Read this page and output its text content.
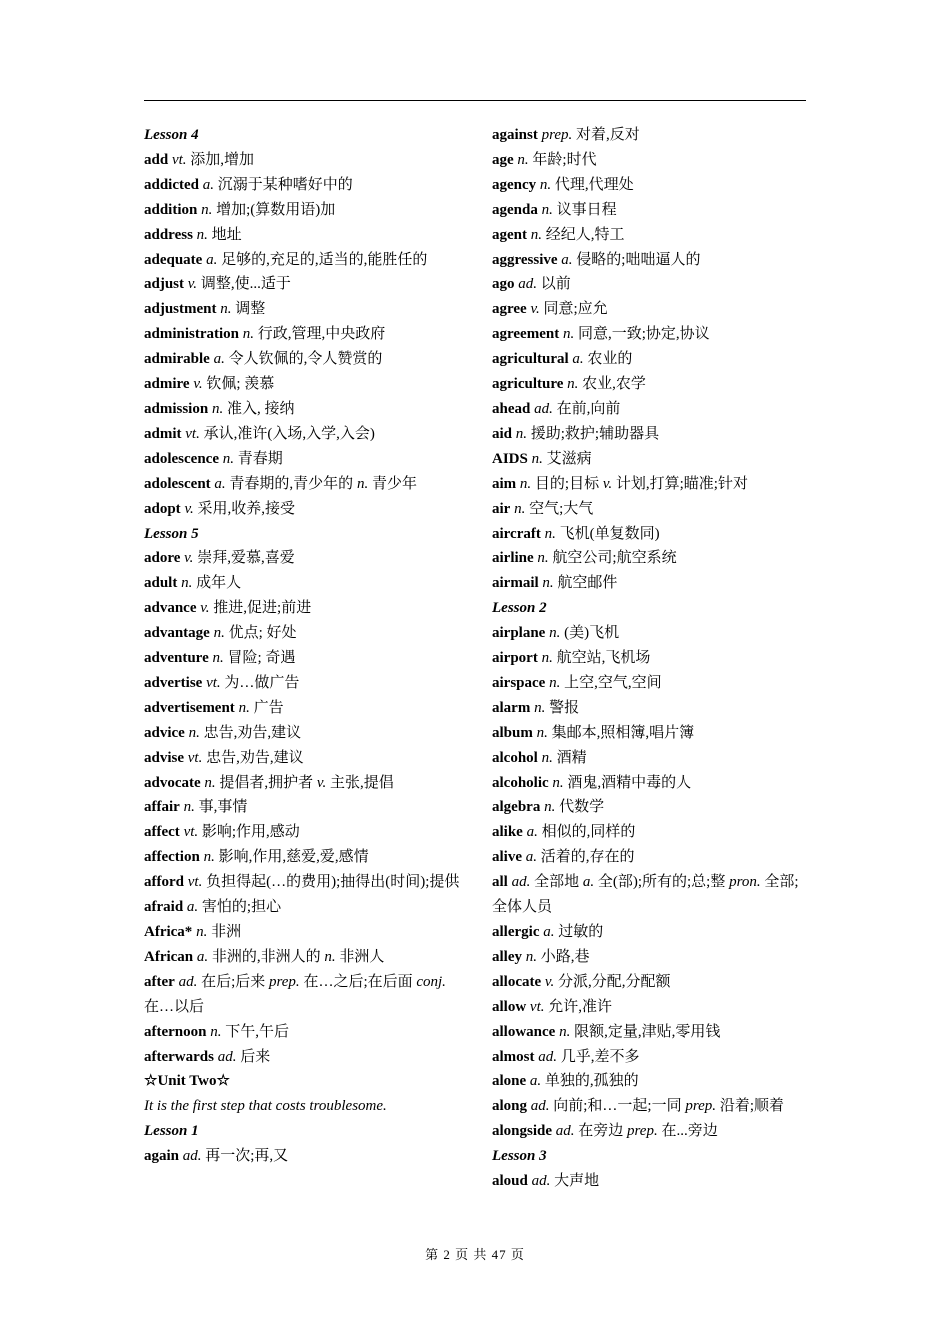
Lesson 4
add vt. 添加,增加
addicted a. 沉溺于某种嗜好中的
addition n. 增加;(算数用语)加
address n. 地址
adequate a. 足够的,充足的,适当的,能胜任的
adjust v. 调整,使...适于
adjustment n. 调整
administration n. 行政,管理,中央政府
admirable a. 令人钦佩的,令人赞赏的
admire v. 钦佩; 羡慕
admission n. 准入, 接纳
admit vt. 承认,准许(入场,入学,入会)
adolescence n. 青春期
adolescent a. 青春期的,青少年的 n. 青少年
adopt v. 采用,收养,接受
Lesson 5
adore v. 崇拜,爱慕,喜爱
adult n. 成年人
advance v. 推进,促进;前进
advantage n. 优点; 好处
adventure n. 冒险; 奇遇
advertise vt. 为…做广告
advertisement n. 广告
advice n. 忠告,劝告,建议
advise vt. 忠告,劝告,建议
advocate n. 提倡者,拥护者 v. 主张,提倡
affair n. 事,事情
affect vt. 影响;作用,感动
affection n. 影响,作用,慈爱,爱,感情
afford vt. 负担得起(…的费用);抽得出(时间);提供
afraid a. 害怕的;担心
Africa* n. 非洲
African a. 非洲的,非洲人的 n. 非洲人
after ad. 在后;后来 prep. 在…之后;在后面 conj. 在…以后
afternoon n. 下午,午后
afterwards ad. 后来
☆Unit Two☆
It is the first step that costs troublesome.
Lesson 1
again ad. 再一次;再,又
against prep. 对着,反对
age n. 年龄;时代
agency n. 代理,代理处
agenda n. 议事日程
agent n. 经纪人,特工
aggressive a. 侵略的;咄咄逼人的
ago ad. 以前
agree v. 同意;应允
agreement n. 同意,一致;协定,协议
agricultural a. 农业的
agriculture n. 农业,农学
ahead ad. 在前,向前
aid n. 援助;救护;辅助器具
AIDS n. 艾滋病
aim n. 目的;目标 v. 计划,打算;瞄准;针对
air n. 空气;大气
aircraft n. 飞机(单复数同)
airline n. 航空公司;航空系统
airmail n. 航空邮件
Lesson 2
airplane n. (美)飞机
airport n. 航空站,飞机场
airspace n. 上空,空气,空间
alarm n. 警报
album n. 集邮本,照相簿,唱片簿
alcohol n. 酒精
alcoholic n. 酒鬼,酒精中毒的人
algebra n. 代数学
alike a. 相似的,同样的
alive a. 活着的,存在的
all ad. 全部地 a. 全(部);所有的;总;整 pron. 全部;全体人员
allergic a. 过敏的
alley n. 小路,巷
allocate v. 分派,分配,分配额
allow vt. 允许,准许
allowance n. 限额,定量,津贴,零用钱
almost ad. 几乎,差不多
alone a. 单独的,孤独的
along ad. 向前;和…一起;一同 prep. 沿着;顺着
alongside ad. 在旁边 prep. 在...旁边
Lesson 3
aloud ad. 大声地
第 2 页 共 47 页
